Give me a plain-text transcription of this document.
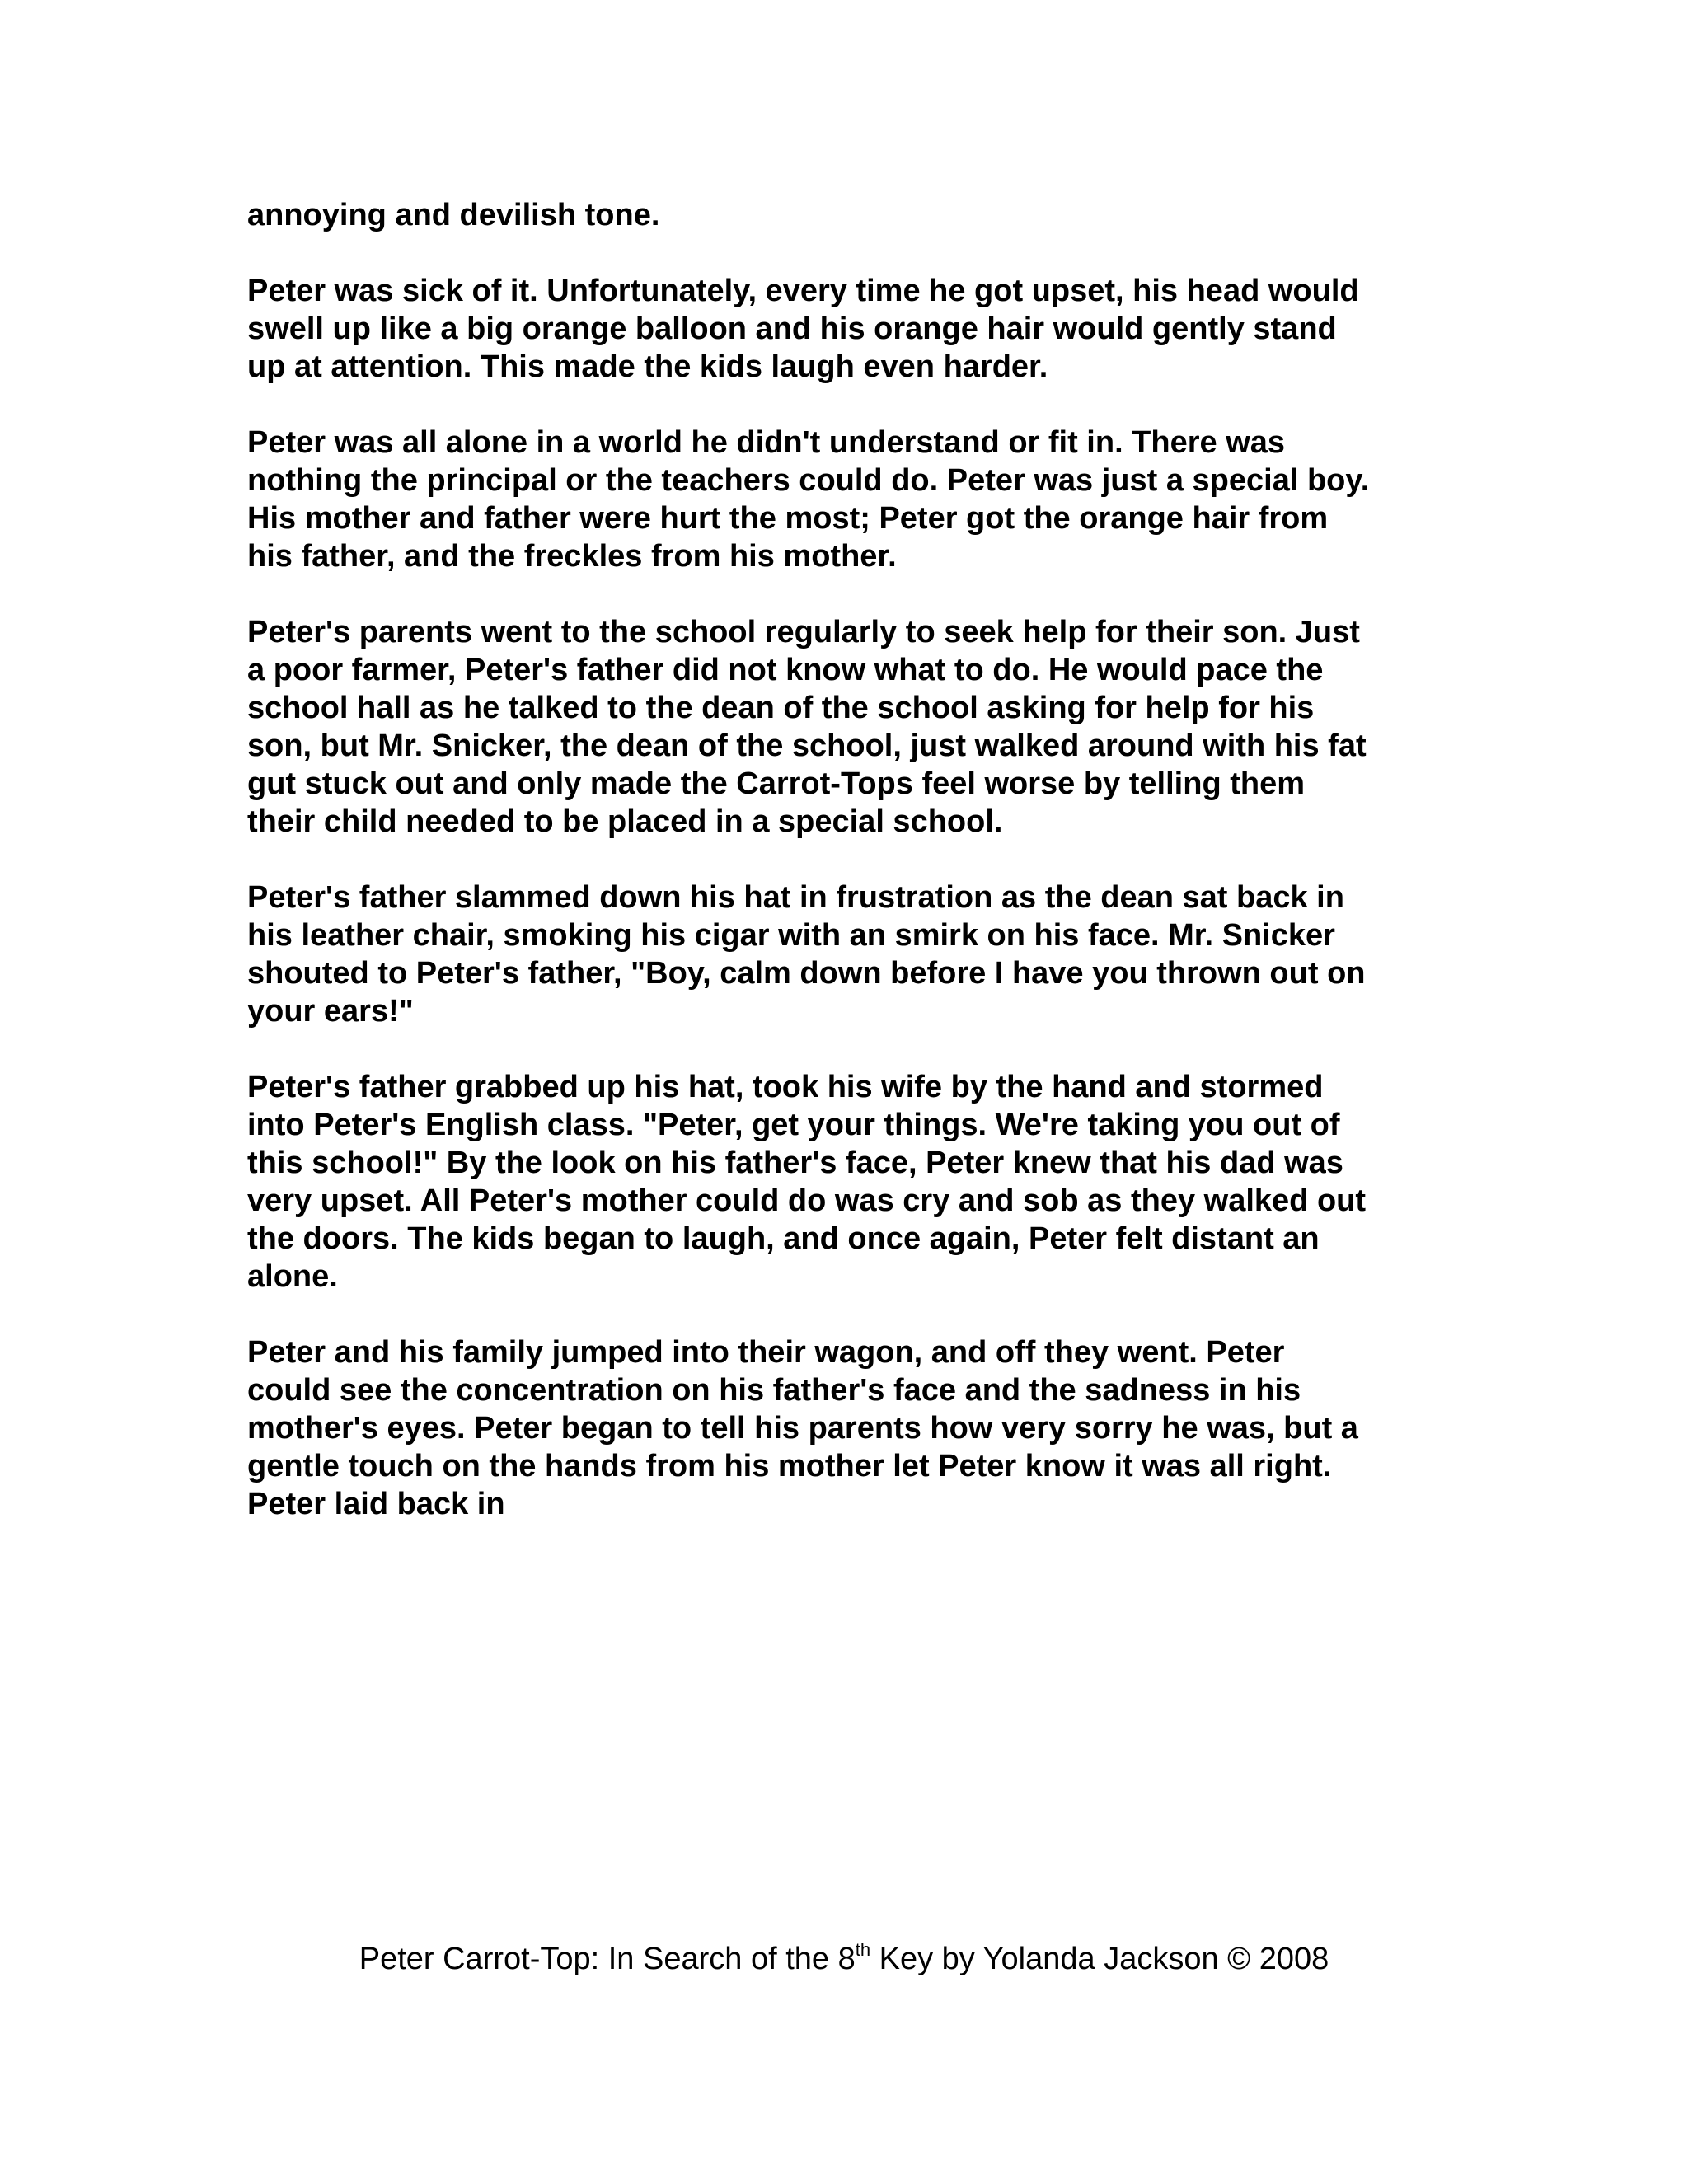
annoying and devilish tone.

Peter was sick of it. Unfortunately, every time he got upset, his head would
swell up like a big orange balloon and his orange hair would gently stand
up at attention. This made the kids laugh even harder.

Peter was all alone in a world he didn't understand or fit in. There was
nothing the principal or the teachers could do. Peter was just a special boy.
His mother and father were hurt the most; Peter got the orange hair from
his father, and the freckles from his mother.

Peter's parents went to the school regularly to seek help for their son. Just
a poor farmer, Peter's father did not know what to do. He would pace the
school hall as he talked to the dean of the school asking for help for his
son, but Mr. Snicker, the dean of the school, just walked around with his fat
gut stuck out and only made the Carrot-Tops feel worse by telling them
their child needed to be placed in a special school.

Peter's father slammed down his hat in frustration as the dean sat back in
his leather chair, smoking his cigar with an smirk on his face. Mr. Snicker
shouted to Peter's father, "Boy, calm down before I have you thrown out on
your ears!"

Peter's father grabbed up his hat, took his wife by the hand and stormed
into Peter's English class. "Peter, get your things. We're taking you out of
this school!" By the look on his father's face, Peter knew that his dad was
very upset. All Peter's mother could do was cry and sob as they walked out
the doors. The kids began to laugh, and once again, Peter felt distant an
alone.

Peter and his family jumped into their wagon, and off they went. Peter
could see the concentration on his father's face and the sadness in his
mother's eyes. Peter began to tell his parents how very sorry he was, but a
gentle touch on the hands from his mother let Peter know it was all right.
Peter laid back in

Peter Carrot-Top: In Search of the 8th Key by Yolanda Jackson © 2008
